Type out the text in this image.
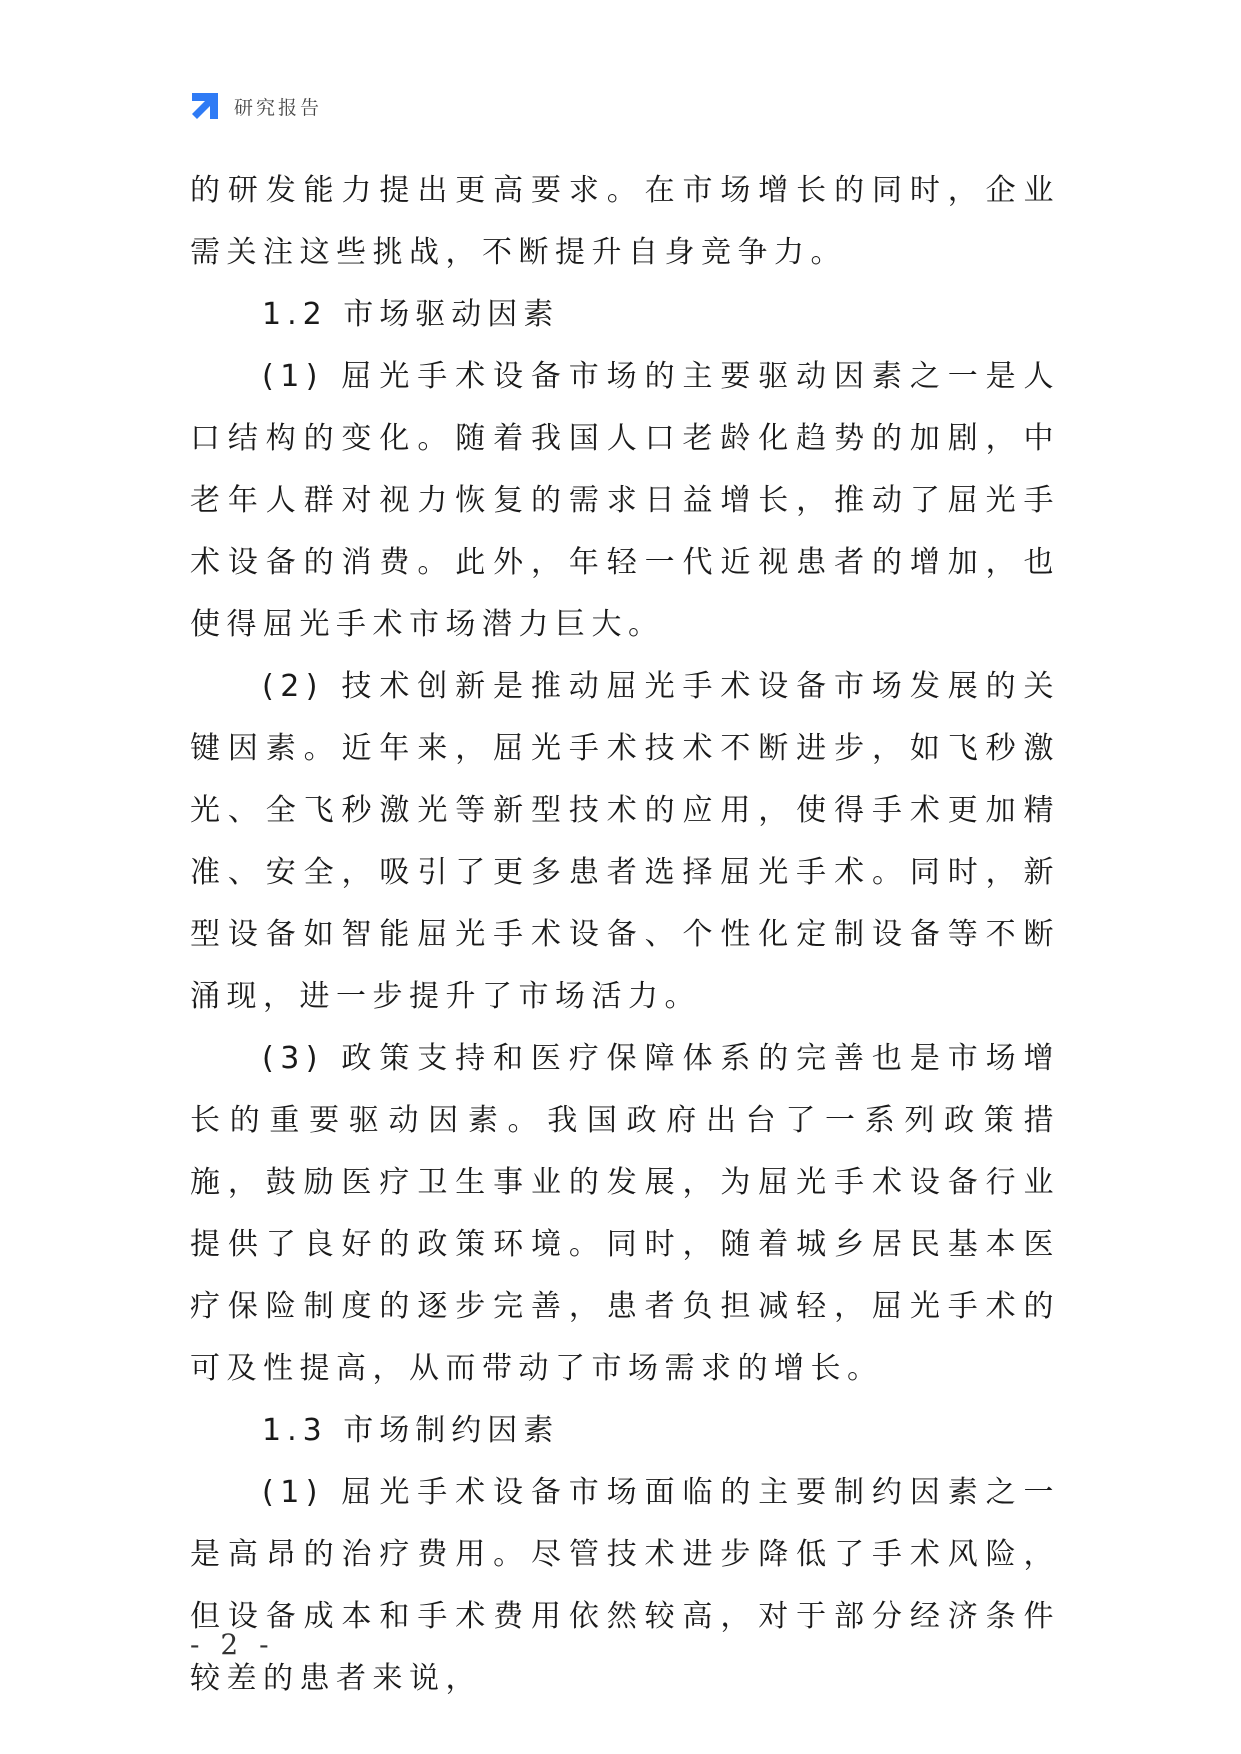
研究报告

的研发能力提出更高要求。在市场增长的同时，企业需关注这些挑战，不断提升自身竞争力。

1.2 市场驱动因素

(1) 屈光手术设备市场的主要驱动因素之一是人口结构的变化。随着我国人口老龄化趋势的加剧，中老年人群对视力恢复的需求日益增长，推动了屈光手术设备的消费。此外，年轻一代近视患者的增加，也使得屈光手术市场潜力巨大。

(2) 技术创新是推动屈光手术设备市场发展的关键因素。近年来，屈光手术技术不断进步，如飞秒激光、全飞秒激光等新型技术的应用，使得手术更加精准、安全，吸引了更多患者选择屈光手术。同时，新型设备如智能屈光手术设备、个性化定制设备等不断涌现，进一步提升了市场活力。

(3) 政策支持和医疗保障体系的完善也是市场增长的重要驱动因素。我国政府出台了一系列政策措施，鼓励医疗卫生事业的发展，为屈光手术设备行业提供了良好的政策环境。同时，随着城乡居民基本医疗保险制度的逐步完善，患者负担减轻，屈光手术的可及性提高，从而带动了市场需求的增长。

1.3 市场制约因素

(1) 屈光手术设备市场面临的主要制约因素之一是高昂的治疗费用。尽管技术进步降低了手术风险，但设备成本和手术费用依然较高，对于部分经济条件较差的患者来说，

- 2 -
